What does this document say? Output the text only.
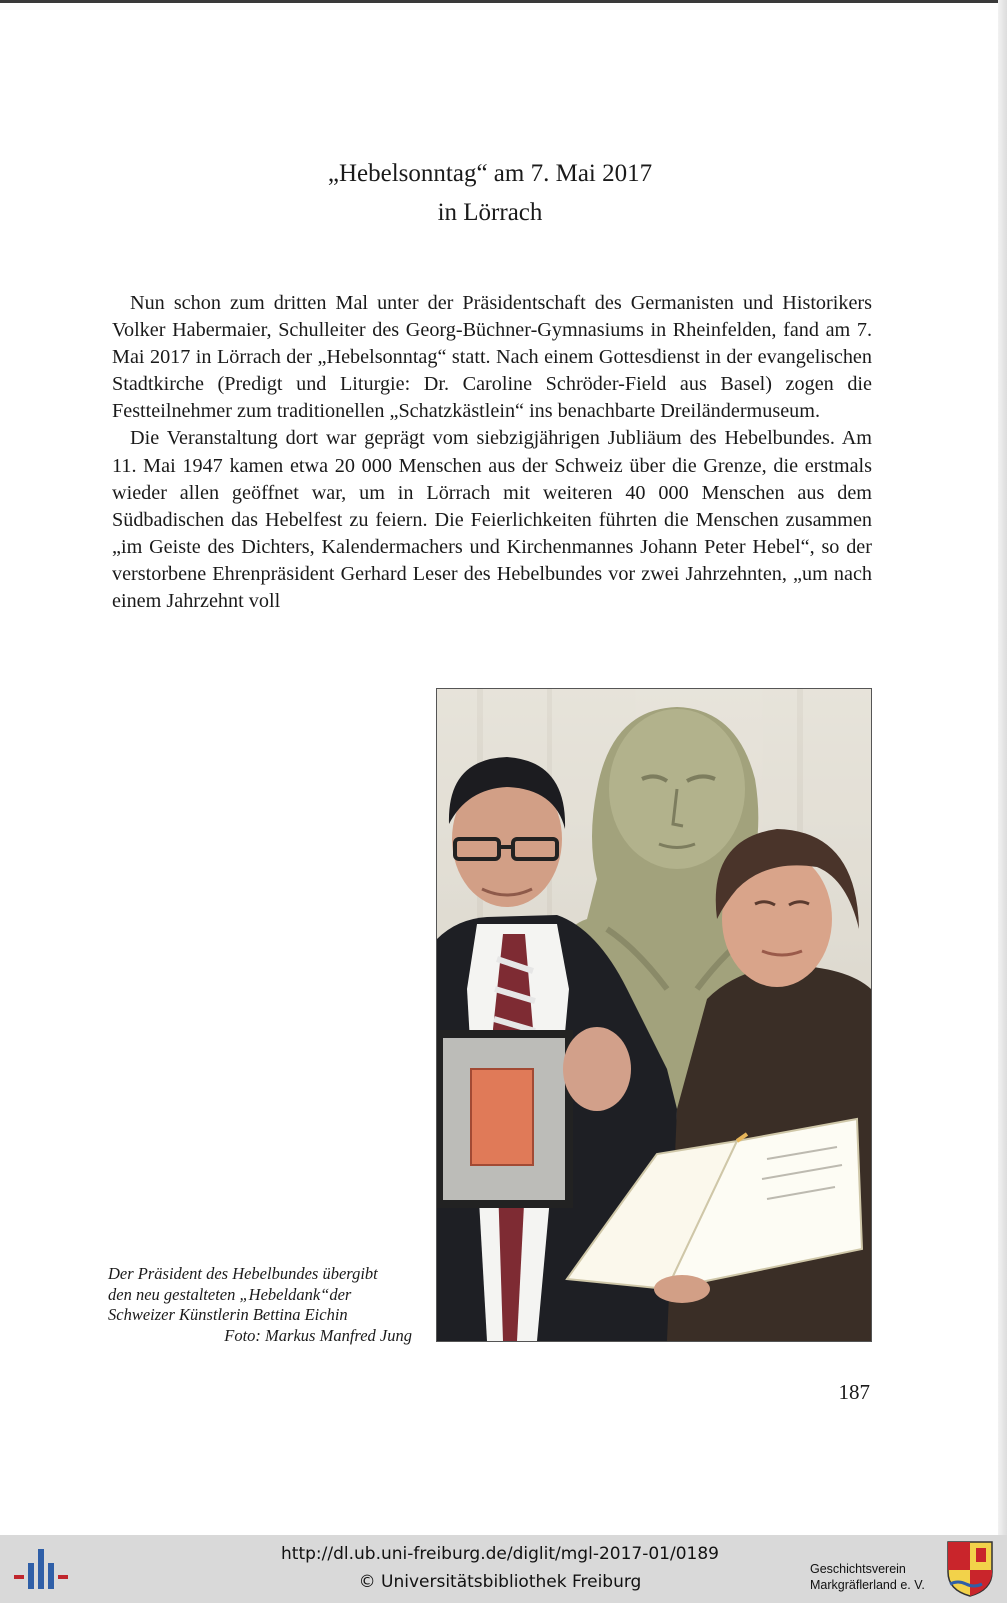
„Hebelsonntag“ am 7. Mai 2017
in Lörrach

Nun schon zum dritten Mal unter der Präsidentschaft des Germanisten und Historikers Volker Habermaier, Schulleiter des Georg-Büchner-Gymnasiums in Rheinfelden, fand am 7. Mai 2017 in Lörrach der „Hebelsonntag“ statt. Nach einem Gottesdienst in der evangelischen Stadtkirche (Predigt und Liturgie: Dr. Caroline Schröder-Field aus Basel) zogen die Festteilnehmer zum traditionellen „Schatzkästlein“ ins benachbarte Dreiländermuseum.

Die Veranstaltung dort war geprägt vom siebzigjährigen Jubliäum des Hebelbundes. Am 11. Mai 1947 kamen etwa 20 000 Menschen aus der Schweiz über die Grenze, die erstmals wieder allen geöffnet war, um in Lörrach mit weiteren 40 000 Menschen aus dem Südbadischen das Hebelfest zu feiern. Die Feierlichkeiten führten die Menschen zusammen „im Geiste des Dichters, Kalendermachers und Kirchenmannes Johann Peter Hebel“, so der verstorbene Ehrenpräsident Gerhard Leser des Hebelbundes vor zwei Jahrzehnten, „um nach einem Jahrzehnt voll

Der Präsident des Hebelbundes übergibt
den neu gestalteten „Hebeldank“der
Schweizer Künstlerin Bettina Eichin
Foto: Markus Manfred Jung
187
http://dl.ub.uni-freiburg.de/diglit/mgl-2017-01/0189
© Universitätsbibliothek Freiburg
Geschichtsverein
Markgräflerland e. V.
